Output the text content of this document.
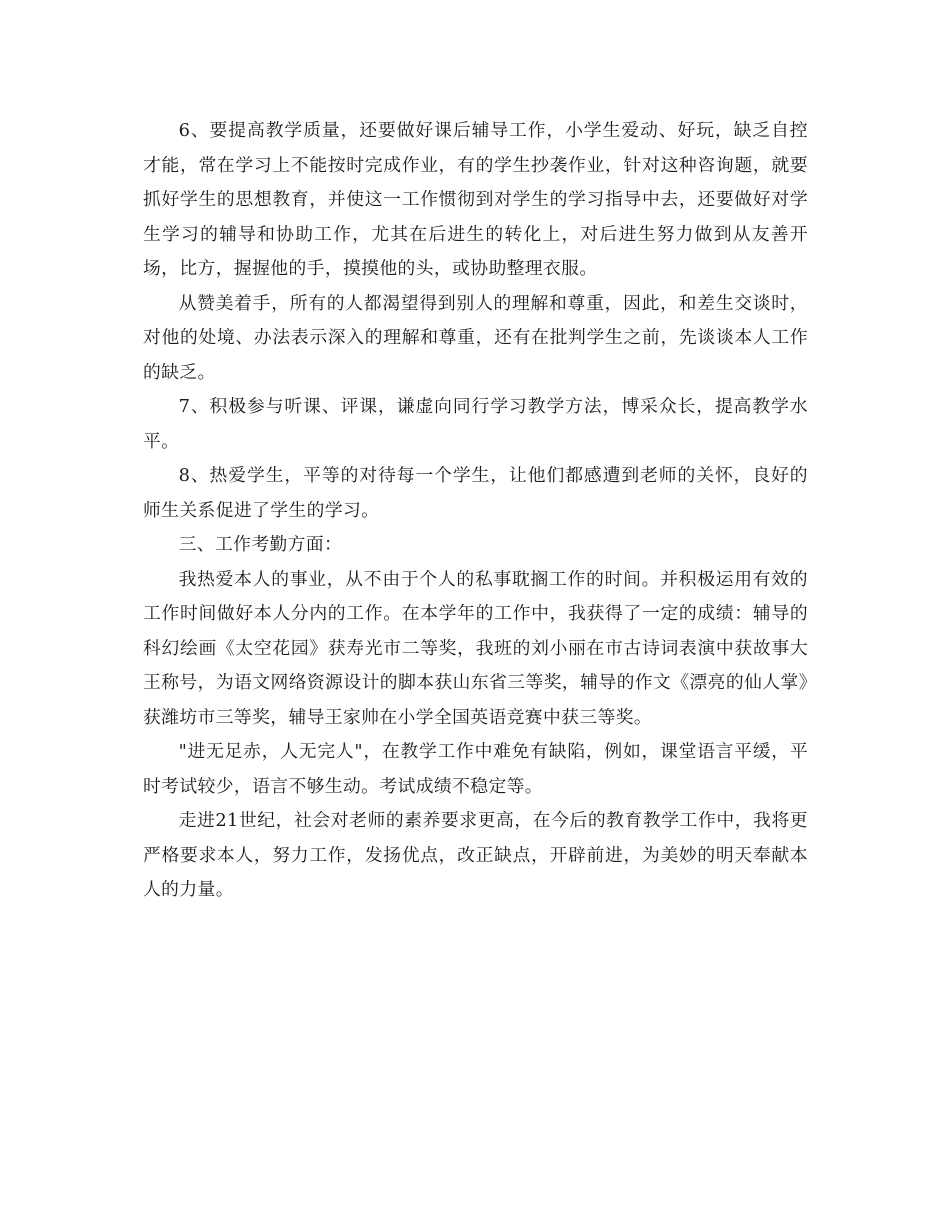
6、要提高教学质量，还要做好课后辅导工作，小学生爱动、好玩，缺乏自控才能，常在学习上不能按时完成作业，有的学生抄袭作业，针对这种咨询题，就要抓好学生的思想教育，并使这一工作惯彻到对学生的学习指导中去，还要做好对学生学习的辅导和协助工作，尤其在后进生的转化上，对后进生努力做到从友善开场，比方，握握他的手，摸摸他的头，或协助整理衣服。

从赞美着手，所有的人都渴望得到别人的理解和尊重，因此，和差生交谈时，对他的处境、办法表示深入的理解和尊重，还有在批判学生之前，先谈谈本人工作的缺乏。

7、积极参与听课、评课，谦虚向同行学习教学方法，博采众长，提高教学水平。

8、热爱学生，平等的对待每一个学生，让他们都感遭到老师的关怀，良好的师生关系促进了学生的学习。

三、工作考勤方面：

我热爱本人的事业，从不由于个人的私事耽搁工作的时间。并积极运用有效的工作时间做好本人分内的工作。在本学年的工作中，我获得了一定的成绩：辅导的科幻绘画《太空花园》获寿光市二等奖，我班的刘小丽在市古诗词表演中获故事大王称号，为语文网络资源设计的脚本获山东省三等奖，辅导的作文《漂亮的仙人掌》获潍坊市三等奖，辅导王家帅在小学全国英语竞赛中获三等奖。

"进无足赤，人无完人"，在教学工作中难免有缺陷，例如，课堂语言平缓，平时考试较少，语言不够生动。考试成绩不稳定等。

走进21世纪，社会对老师的素养要求更高，在今后的教育教学工作中，我将更严格要求本人，努力工作，发扬优点，改正缺点，开辟前进，为美妙的明天奉献本人的力量。
